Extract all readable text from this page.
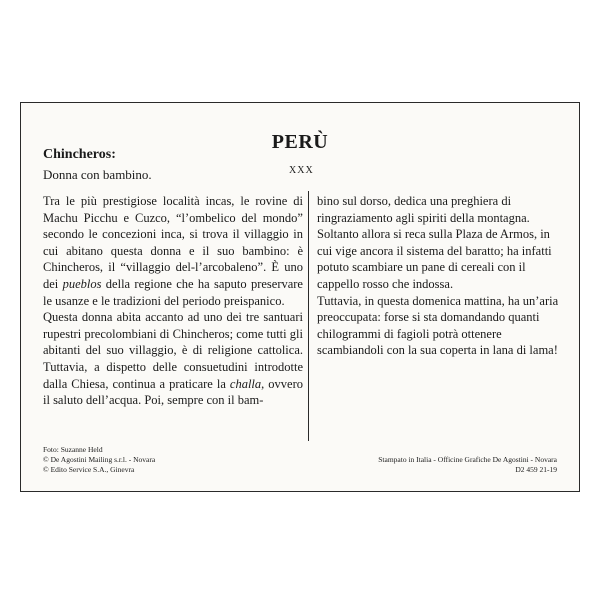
PERÙ
XXX
Chincheros:
Donna con bambino.

Tra le più prestigiose località incas, le rovine di Machu Picchu e Cuzco, “l’ombelico del mondo” secondo le concezioni inca, si trova il villaggio in cui abitano questa donna e il suo bambino: è Chincheros, il “villaggio del-l’arcobaleno”. È uno dei pueblos della regione che ha saputo preservare le usanze e le tradizioni del periodo preispanico.

Questa donna abita accanto ad uno dei tre santuari rupestri precolombiani di Chincheros; come tutti gli abitanti del suo villaggio, è di religione cattolica. Tuttavia, a dispetto delle consuetudini introdotte dalla Chiesa, continua a praticare la challa, ovvero il saluto dell’acqua. Poi, sempre con il bam-

bino sul dorso, dedica una preghiera di ringraziamento agli spiriti della montagna.

Soltanto allora si reca sulla Plaza de Armos, in cui vige ancora il sistema del baratto; ha infatti potuto scambiare un pane di cereali con il cappello rosso che indossa.

Tuttavia, in questa domenica mattina, ha un’aria preoccupata: forse si sta domandando quanti chilogrammi di fagioli potrà ottenere scambiandoli con la sua coperta in lana di lama!

Foto: Suzanne Held
© De Agostini Mailing s.r.l. - Novara
© Edito Service S.A., Ginevra
Stampato in Italia - Officine Grafiche De Agostini - Novara
D2 459 21-19
